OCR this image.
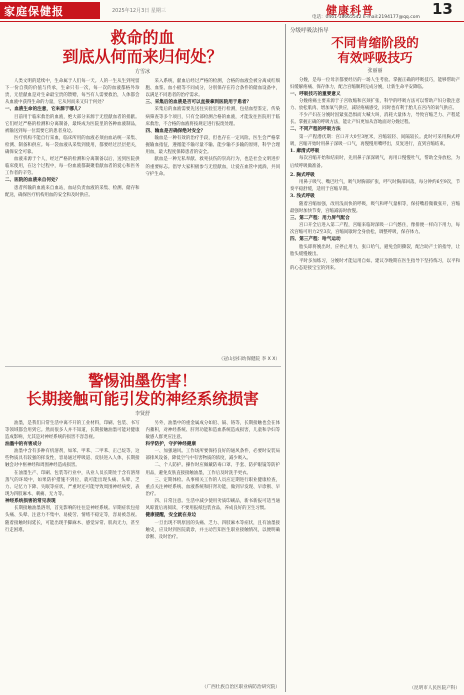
家庭保健报	2025年12月3日 星期三	健康科普	13
电话：0461-18665542 E-mail:2194177@qq.com
救命的血
到底从何而来归何处？
方雪冰

人类文明的延续中，生命属于人们每一天。人的一生从生到死留下一份自我的价值与传承，生命只有一次，每一次的血液都格外珍贵，无偿献血是对生命最宝贵的馈赠，每当有人需要救治，人体都会从血液中获得生命的力量，它从何而来又归于何处？

一、血液生命的注意，它来源于哪儿？

目前用于临床救治的血液，绝大部分来源于无偿献血者的捐献。它们经过严格的检测和分离制备，最终成为医院里的各种血液制品，被输送到每一位需要它的患者身边。

医疗机构不能自行采血，临床所用的血液必须由血站统一采集、检测、制备和供应。每一袋血液从采集到使用，都要经过层层把关，确保安全可靠。

血液来源于个人，经过严格的检测和分离制备以后，送到医院供临床使用，在这个过程中，每一份血液都凝聚着献血者的爱心和医务工作者的辛劳。

二、医院的血液来自何处？

患者所输的血液来自血站，血站负责血液的采集、检测、储存和配送，确保医疗机构用血的安全和及时供应。

采入系统，献血后经过严格的检测，合格的血液会被分离成红细胞、血浆、血小板等不同成分，分别保存在符合条件的储血设备中，以满足不同患者的治疗需求。

三、采集后的血液是否可以直接拿到医院用于患者？

采集后的血液需要先送往实验室进行检测，包括血型鉴定、传染病筛查等多个项目，只有全部检测合格的血液，才能发往医院用于临床救治，不合格的血液将按规定进行报废处理。

四、输血是否确保绝对安全？

输血是一种有效的治疗手段，但也存在一定风险。医生会严格掌握输血指征，遵循能不输尽量不输、能少输不多输的原则，科学合理用血，最大程度保障患者的安全。

献血是一种无私奉献、救死扶伤的崇高行为，也是社会文明进步的重要标志。倡导大家积极参与无偿献血，让爱在血管中流淌，共同守护生命。

（冠山县妇幼保健院 李 X X）
警惕油墨伤害！
长期接触可能引发的神经系统损害
李贤舒

油墨，是我们日常生活中离不开的工业材料，印刷、包装、书写等领域都会用到它。然而很多人并不知道，长期接触油墨可能对健康造成影响，尤其是对神经系统的损害不容忽视。

油墨中的有害成分

油墨中含有多种有机溶剂，如苯、甲苯、二甲苯、正己烷等，这些物质具有较强的挥发性，容易通过呼吸道、皮肤进入人体，长期接触会对中枢神经和周围神经造成损害。

在油墨生产、印刷、包装等行业中，从业人员长期处于含有溶剂蒸气的环境中，如果防护措施不到位，就可能出现头痛、头晕、乏力、记忆力下降、失眠等症状，严重时还可能导致周围神经病变，表现为四肢麻木、刺痛、无力等。

神经系统损害的常见表现

长期接触油墨溶剂，首先影响的往往是神经系统。早期症状包括头痛、头晕、注意力不集中、易疲劳、情绪不稳定等，容易被忽视。随着接触时间延长，可能出现手脚麻木、感觉异常、肌肉无力，甚至行走困难。

另外，油墨中的重金属成分如铅、镉、铬等，长期接触也会在体内蓄积，对神经系统、肝肾功能和造血系统造成损害，儿童和孕妇等敏感人群更应注意。

科学防护，守护神经健康

一、加强通风。工作场所要保持良好的通风条件，必要时安装局部排风设备，降低空气中有害物质的浓度，减少吸入。

二、个人防护。操作时应佩戴防毒口罩、手套、防护眼镜等防护用品，避免皮肤直接接触油墨，工作后及时洗手更衣。

三、定期体检。从事相关工作的人员应定期进行职业健康检查，重点关注神经系统、血液系统和肝肾功能，做到早发现、早诊断、早治疗。

四、日常注意。生活中减少使用劣质印刷品，新书新报可适当通风晾置后再阅读，不要用报纸包装食品，养成良好的卫生习惯。

健康提醒，安全就在身边

一旦出现不明原因的头痛、乏力、四肢麻木等症状，且有油墨接触史，应及时到医院就诊，并主动告知医生职业接触情况，以便明确诊断、及时治疗。

（广西壮族自治区职业病防治研究院）
分级呼吸法指导
不同肯缩阶段的
有效呼吸技巧
张丽丽

分娩，是每一位母亲都要经历的一场人生考验。掌握正确的呼吸技巧，能够帮助产妇缓解疼痛、保存体力，配合宫缩顺利完成分娩，让新生命平安降临。

一、呼吸技巧的重要意义

分娩疼痛主要来源于子宫收缩和宫颈扩张，科学的呼吸方法可以帮助产妇分散注意力、放松肌肉、增加氧气供应，减轻疼痛感受，同时也有利于胎儿在宫内的氧气供应。

不少产妇在分娩时因紧张恐惧而大喊大叫，消耗大量体力，导致宫缩乏力、产程延长。掌握正确的呼吸方法，能让产妇更加从容地面对分娩过程。

二、不同产程的呼吸方法

第一产程潜伏期：宫口开大0至3厘米，宫缩较轻、间隔较长。此时可采用胸式呼吸，宫缩开始时用鼻子深吸一口气，再慢慢用嘴呼出，反复进行，直到宫缩结束。

1. 廓清式呼吸

每次宫缩开始和结束时，先用鼻子深深吸气，再用口慢慢吐气，帮助全身放松，为后续呼吸做准备。

2. 胸式呼吸

用鼻子吸气、嘴巴吐气，吸气时胸部扩张，呼气时胸部回落，每分钟约6至9次，节奏平稳舒缓，适用于宫缩早期。

3. 浅式呼吸

随着宫缩加强，改用浅而快的呼吸，吸气和呼气量相等，保持嘴唇微微张开，宫缩最强时加快节奏，宫缩减弱时放慢。

三、第二产程：用力屏气配合

宫口开全后进入第二产程，宫缩来临时深吸一口气憋住，像排便一样向下用力，每次宫缩可用力2至3次，宫缩间歇时全身放松，调整呼吸，保存体力。

四、第三产程：哈气运动

胎头即将娩出时，应停止用力，张口哈气，避免会阴撕裂，配合助产士的指导，让胎头缓慢娩出。

平时多加练习，分娩时才能运用自如。建议孕晚期在医生指导下坚持练习，以平和的心态迎接宝宝的到来。

（昆明市人民医院产科）
